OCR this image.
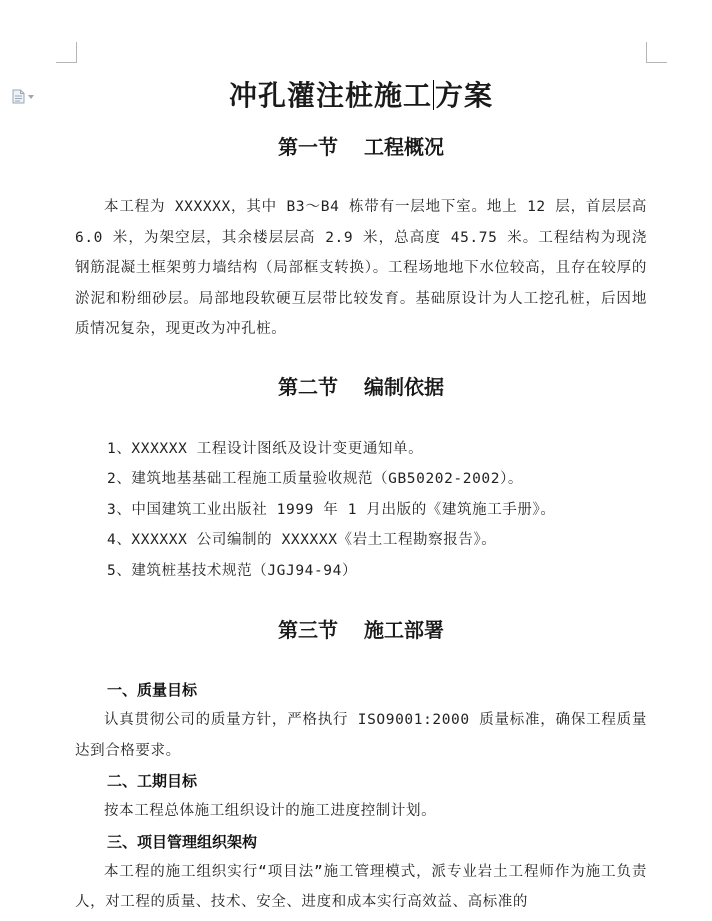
冲孔灌注桩施工 方案
第一节 工程概况

本工程为 XXXXXX，其中 B3～B4 栋带有一层地下室。地上 12 层，首层层高 6.0 米，为架空层，其余楼层层高 2.9 米，总高度 45.75 米。工程结构为现浇钢筋混凝土框架剪力墙结构（局部框支转换）。工程场地地下水位较高，且存在较厚的淤泥和粉细砂层。局部地段软硬互层带比较发育。基础原设计为人工挖孔桩，后因地质情况复杂，现更改为冲孔桩。

第二节 编制依据

1、XXXXXX 工程设计图纸及设计变更通知单。

2、建筑地基基础工程施工质量验收规范（GB50202-2002）。

3、中国建筑工业出版社 1999 年 1 月出版的《建筑施工手册》。

4、XXXXXX 公司编制的 XXXXXX《岩土工程勘察报告》。

5、建筑桩基技术规范（JGJ94-94）

第三节 施工部署

一、质量目标

认真贯彻公司的质量方针，严格执行 ISO9001:2000 质量标准，确保工程质量达到合格要求。

二、工期目标

按本工程总体施工组织设计的施工进度控制计划。

三、项目管理组织架构

本工程的施工组织实行“项目法”施工管理模式，派专业岩土工程师作为施工负责人，对工程的质量、技术、安全、进度和成本实行高效益、高标准的
